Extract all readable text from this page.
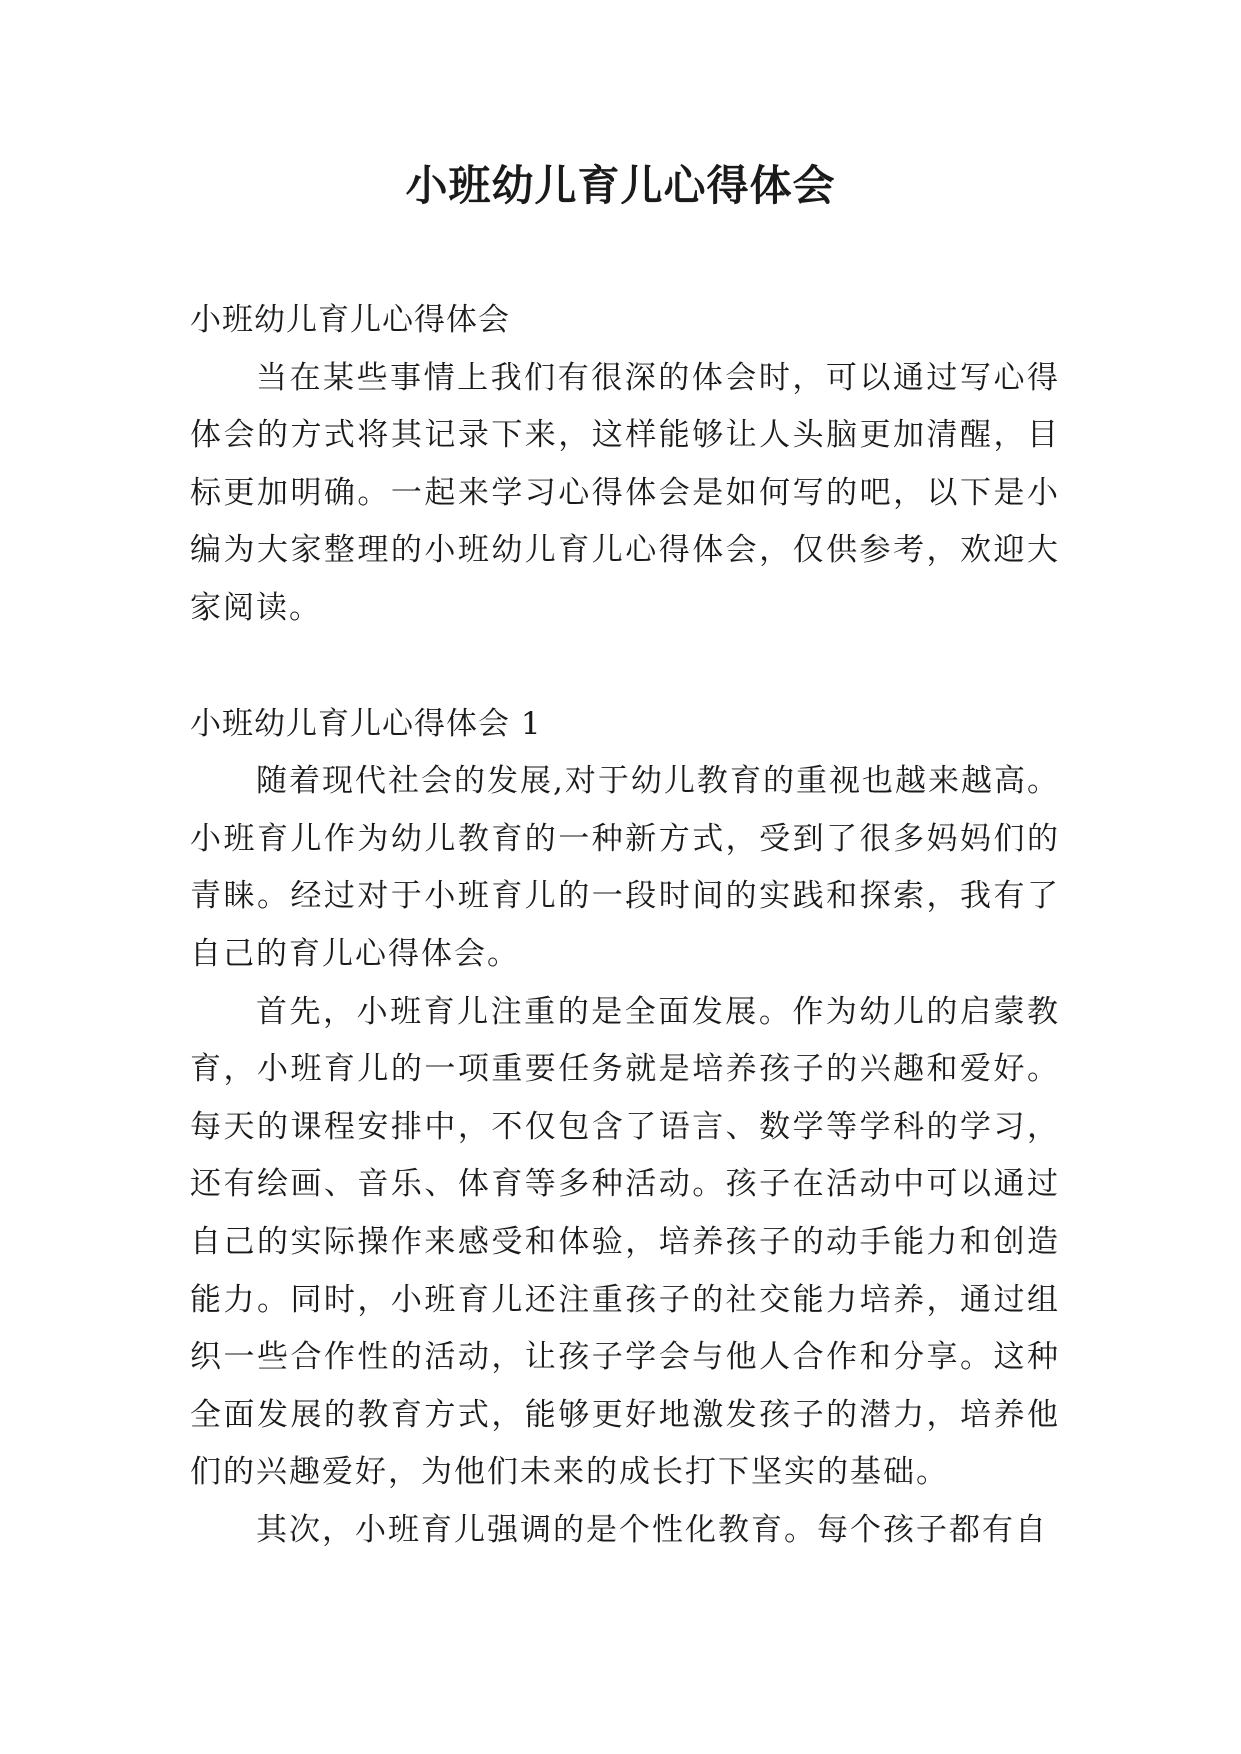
小班幼儿育儿心得体会

小班幼儿育儿心得体会

当在某些事情上我们有很深的体会时，可以通过写心得体会的方式将其记录下来，这样能够让人头脑更加清醒，目标更加明确。一起来学习心得体会是如何写的吧，以下是小编为大家整理的小班幼儿育儿心得体会，仅供参考，欢迎大家阅读。

小班幼儿育儿心得体会 1

随着现代社会的发展,对于幼儿教育的重视也越来越高。小班育儿作为幼儿教育的一种新方式，受到了很多妈妈们的青睐。经过对于小班育儿的一段时间的实践和探索，我有了自己的育儿心得体会。

首先，小班育儿注重的是全面发展。作为幼儿的启蒙教育，小班育儿的一项重要任务就是培养孩子的兴趣和爱好。每天的课程安排中，不仅包含了语言、数学等学科的学习，还有绘画、音乐、体育等多种活动。孩子在活动中可以通过自己的实际操作来感受和体验，培养孩子的动手能力和创造能力。同时，小班育儿还注重孩子的社交能力培养，通过组织一些合作性的活动，让孩子学会与他人合作和分享。这种全面发展的教育方式，能够更好地激发孩子的潜力，培养他们的兴趣爱好，为他们未来的成长打下坚实的基础。

其次，小班育儿强调的是个性化教育。每个孩子都有自
